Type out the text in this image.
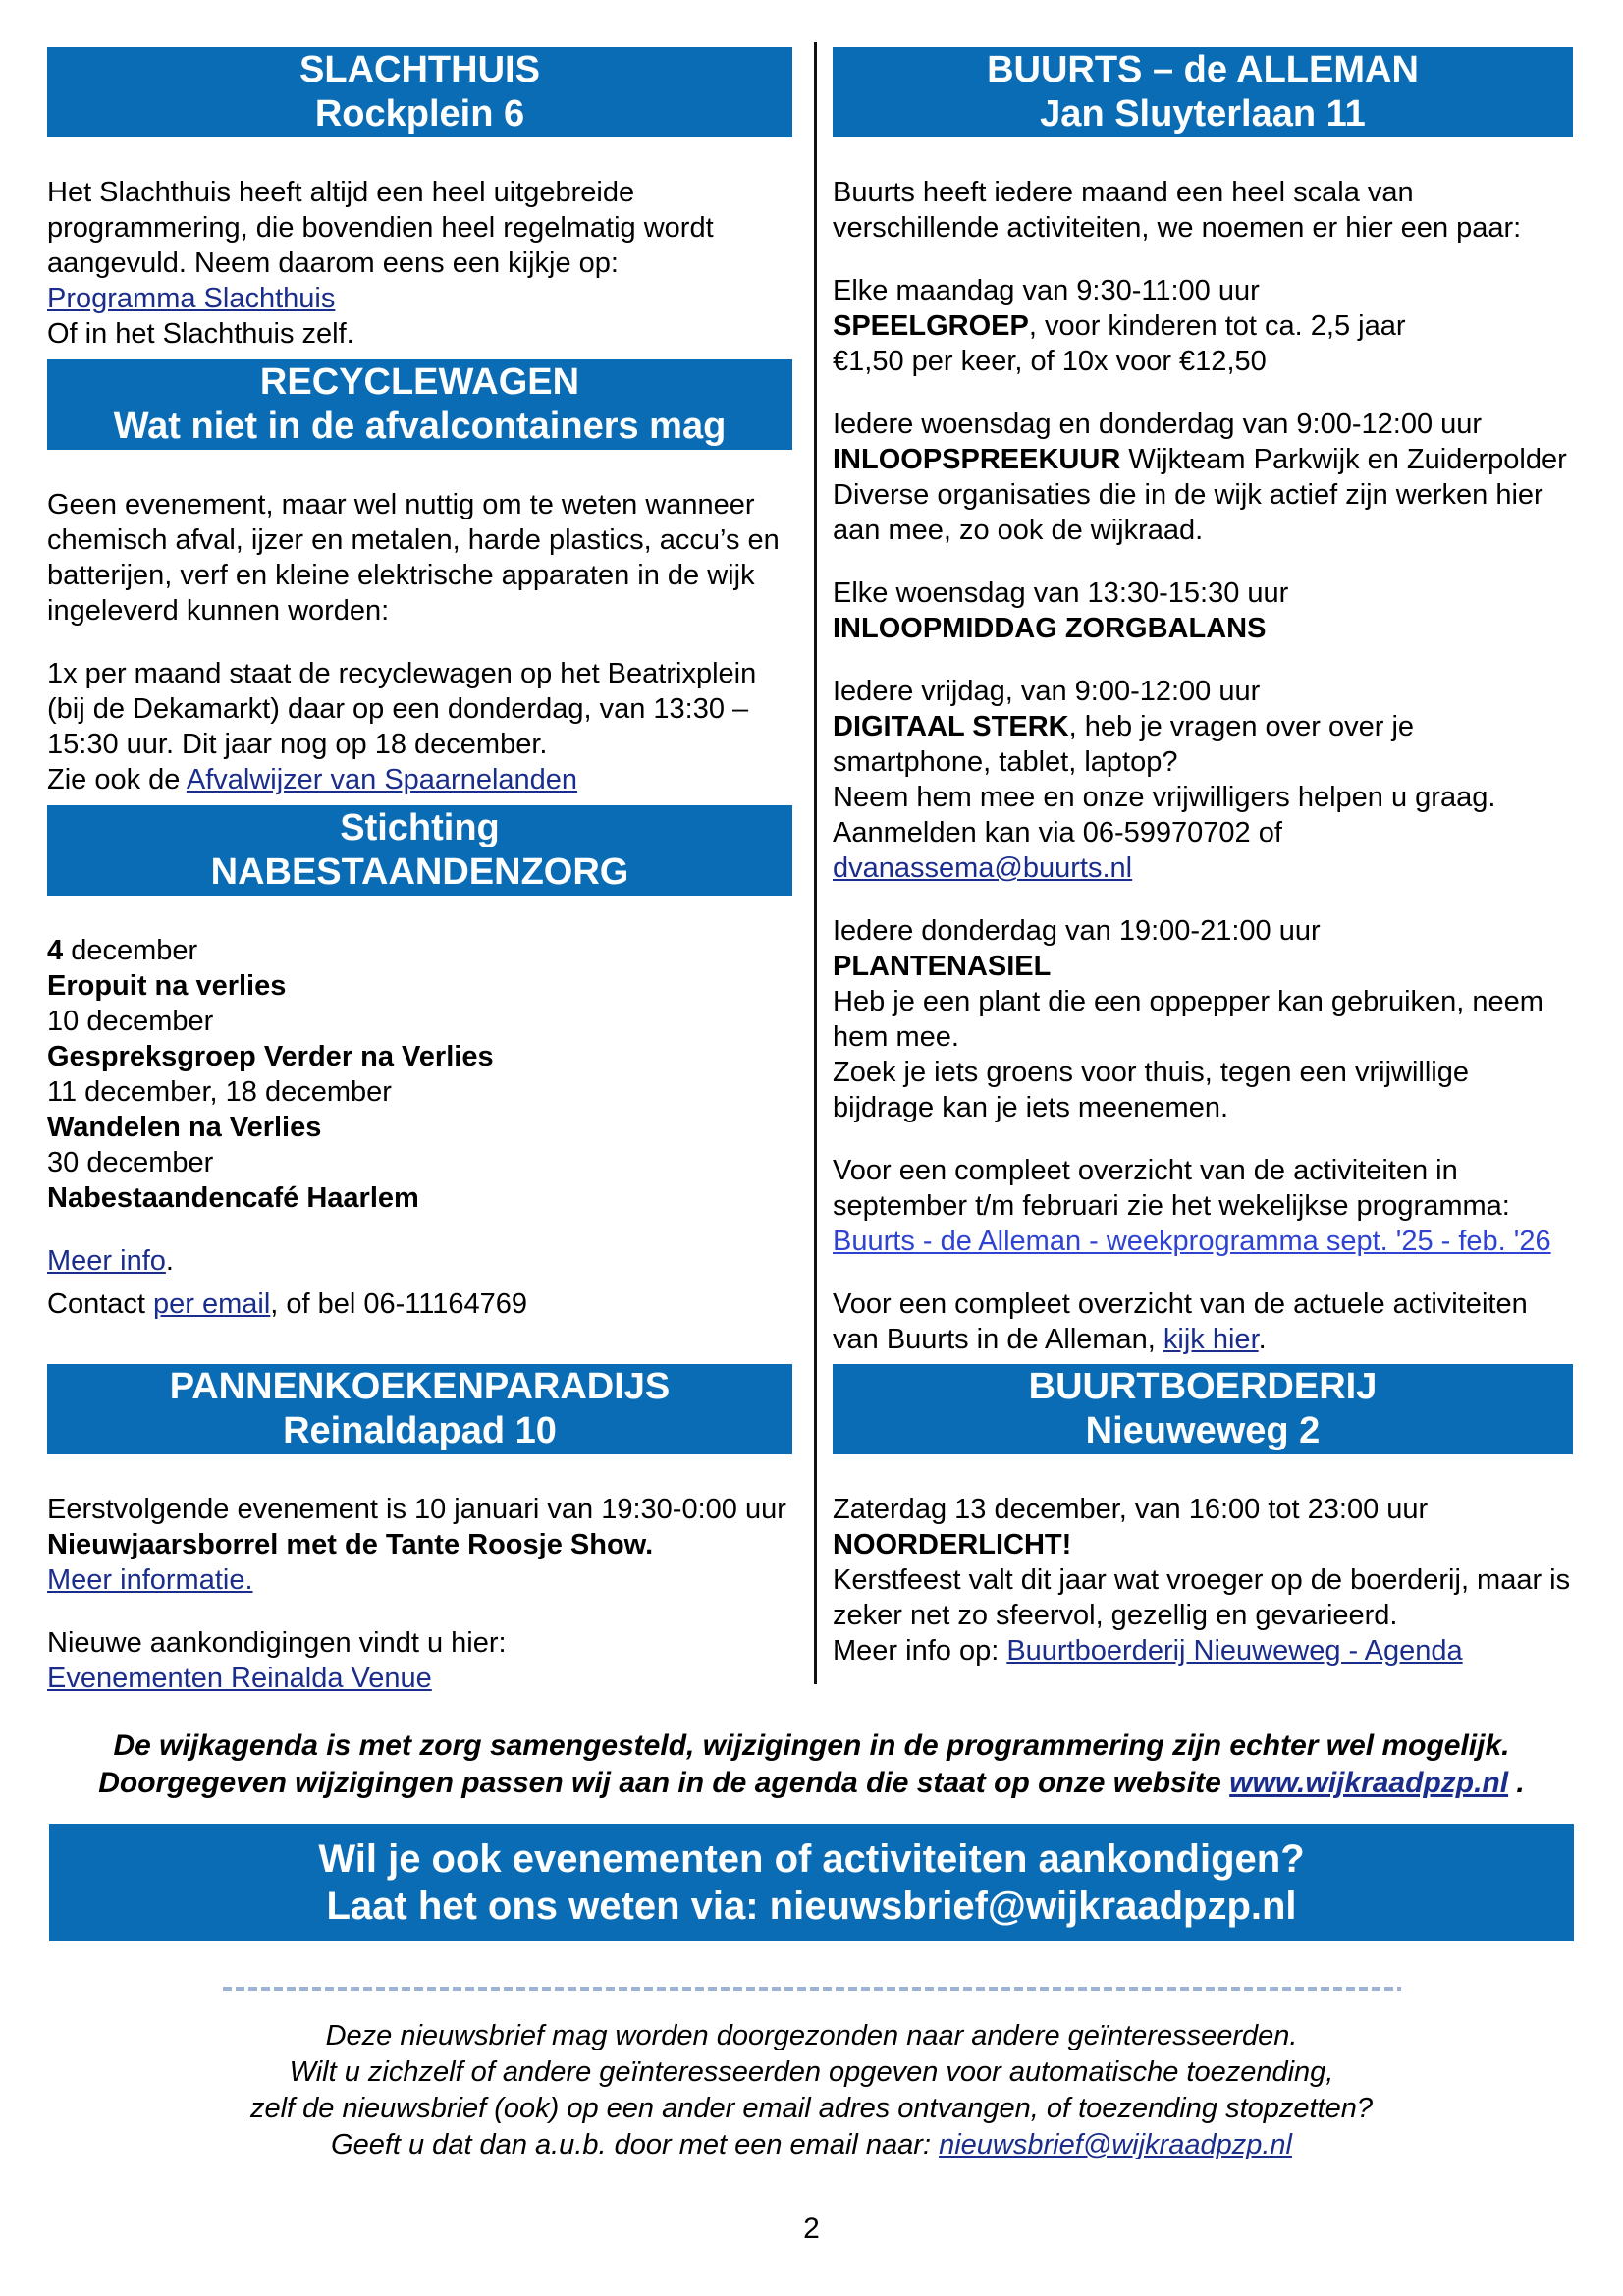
SLACHTHUIS
Rockplein 6
Het Slachthuis heeft altijd een heel uitgebreide
programmering, die bovendien heel regelmatig wordt
aangevuld. Neem daarom eens een kijkje op:
Programma Slachthuis
Of in het Slachthuis zelf.
RECYCLEWAGEN
Wat niet in de afvalcontainers mag
Geen evenement, maar wel nuttig om te weten wanneer
chemisch afval, ijzer en metalen, harde plastics, accu’s en
batterijen, verf en kleine elektrische apparaten in de wijk
ingeleverd kunnen worden:
1x per maand staat de recyclewagen op het Beatrixplein
(bij de Dekamarkt) daar op een donderdag, van 13:30 –
15:30 uur. Dit jaar nog op 18 december.
Zie ook de Afvalwijzer van Spaarnelanden
Stichting
NABESTAANDENZORG
4 december
Eropuit na verlies
10 december
Gespreksgroep Verder na Verlies
11 december, 18 december
Wandelen na Verlies
30 december
Nabestaandencafé Haarlem
Meer info.
Contact per email, of bel 06-11164769
BUURTS – de ALLEMAN
Jan Sluyterlaan 11
Buurts heeft iedere maand een heel scala van
verschillende activiteiten, we noemen er hier een paar:
Elke maandag van 9:30-11:00 uur
SPEELGROEP, voor kinderen tot ca. 2,5 jaar
€1,50 per keer, of 10x voor €12,50
Iedere woensdag en donderdag van 9:00-12:00 uur
INLOOPSPREEKUUR Wijkteam Parkwijk en Zuiderpolder
Diverse organisaties die in de wijk actief zijn werken hier
aan mee, zo ook de wijkraad.
Elke woensdag van 13:30-15:30 uur
INLOOPMIDDAG ZORGBALANS
Iedere vrijdag, van 9:00-12:00 uur
DIGITAAL STERK, heb je vragen over over je
smartphone, tablet, laptop?
Neem hem mee en onze vrijwilligers helpen u graag.
Aanmelden kan via 06-59970702 of
dvanassema@buurts.nl
Iedere donderdag van 19:00-21:00 uur
PLANTENASIEL
Heb je een plant die een oppepper kan gebruiken, neem
hem mee.
Zoek je iets groens voor thuis, tegen een vrijwillige
bijdrage kan je iets meenemen.
Voor een compleet overzicht van de activiteiten in
september t/m februari zie het wekelijkse programma:
Buurts - de Alleman - weekprogramma sept. '25 - feb. '26
Voor een compleet overzicht van de actuele activiteiten
van Buurts in de Alleman, kijk hier.
PANNENKOEKENPARADIJS
Reinaldapad 10
Eerstvolgende evenement is 10 januari van 19:30-0:00 uur
Nieuwjaarsborrel met de Tante Roosje Show.
Meer informatie.
Nieuwe aankondigingen vindt u hier:
Evenementen Reinalda Venue
BUURTBOERDERIJ
Nieuweweg 2
Zaterdag 13 december, van 16:00 tot 23:00 uur
NOORDERLICHT!
Kerstfeest valt dit jaar wat vroeger op de boerderij, maar is
zeker net zo sfeervol, gezellig en gevarieerd.
Meer info op: Buurtboerderij Nieuweweg - Agenda
De wijkagenda is met zorg samengesteld, wijzigingen in de programmering zijn echter wel mogelijk.
Doorgegeven wijzigingen passen wij aan in de agenda die staat op onze website www.wijkraadpzp.nl .
Wil je ook evenementen of activiteiten aankondigen?
Laat het ons weten via: nieuwsbrief@wijkraadpzp.nl
Deze nieuwsbrief mag worden doorgezonden naar andere geïnteresseerden.
Wilt u zichzelf of andere geïnteresseerden opgeven voor automatische toezending,
zelf de nieuwsbrief (ook) op een ander email adres ontvangen, of toezending stopzetten?
Geeft u dat dan a.u.b. door met een email naar: nieuwsbrief@wijkraadpzp.nl
2
